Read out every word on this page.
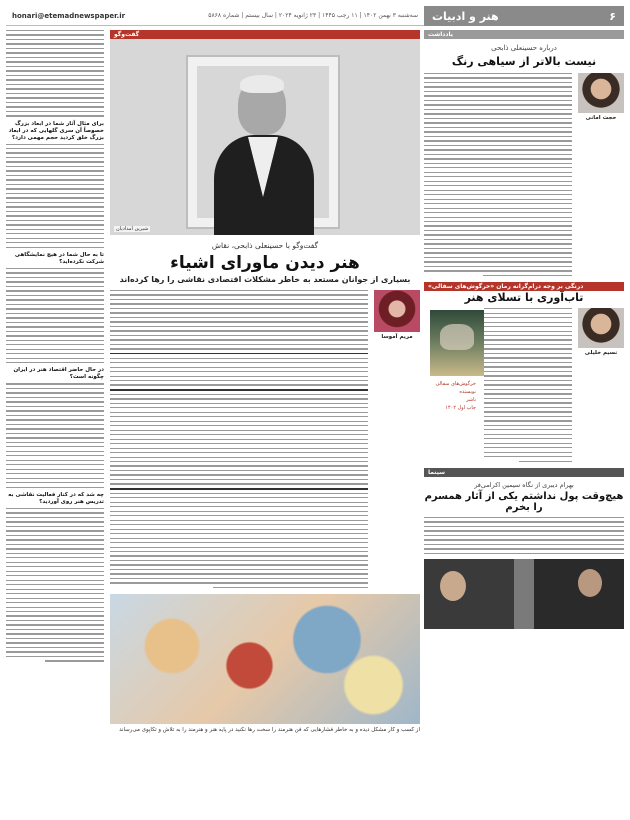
honari@etemadnewspaper.ir	سه‌شنبه ۳ بهمن ۱۴۰۲ | ۱۱ رجب ۱۴۴۵ | ۲۳ ژانویه ۲۰۲۴ | سال بیستم | شماره ۵۸۶۸	۶
هنر و ادبیات
یادداشت
درباره حسینعلی ذابحی
نیست بالاتر از سیاهی رنگ
حجت امانی
درنگی بر وجه درام‌گرانه رمان «خرگوش‌های سفالی»
تاب‌آوری با تسلای هنر
نسیم خلیلی
خرگوش‌های سفالی
نویسنده
ناشر
چاپ اول ۱۴۰۲
سینما
بهرام دیبری از نگاه سیمین اکرامی‌فر
هیچ‌وقت پول نداشتم یکی از آثار همسرم را بخرم
گفت‌وگو
شیرین امدادیان
گفت‌وگو با حسینعلی ذابحی، نقاش
هنر دیدن ماورای اشیاء
بسیاری از جوانان مستعد به خاطر مشکلات اقتصادی نقاشی را رها کرده‌اند
مریم آموسا
از کسب و کار مشکل دیده و به خاطر فشارهایی که فن هنرمند را سخت رها نکنید در پایه هنر و هنرمند را به تلاش و تکاپوی می‌رساند
برای مثال آثار شما در ابعاد بزرگ خصوصاً آن سری گلهایی که در ابعاد بزرگ خلق کردید حجم مهمی دارد؟
تا به حال شما در هیچ نمایشگاهی شرکت نکرده‌اید؟
در حال حاضر اقتصاد هنر در ایران چگونه است؟
چه شد که در کنار فعالیت نقاشی به تدریس هنر روی آوردید؟
